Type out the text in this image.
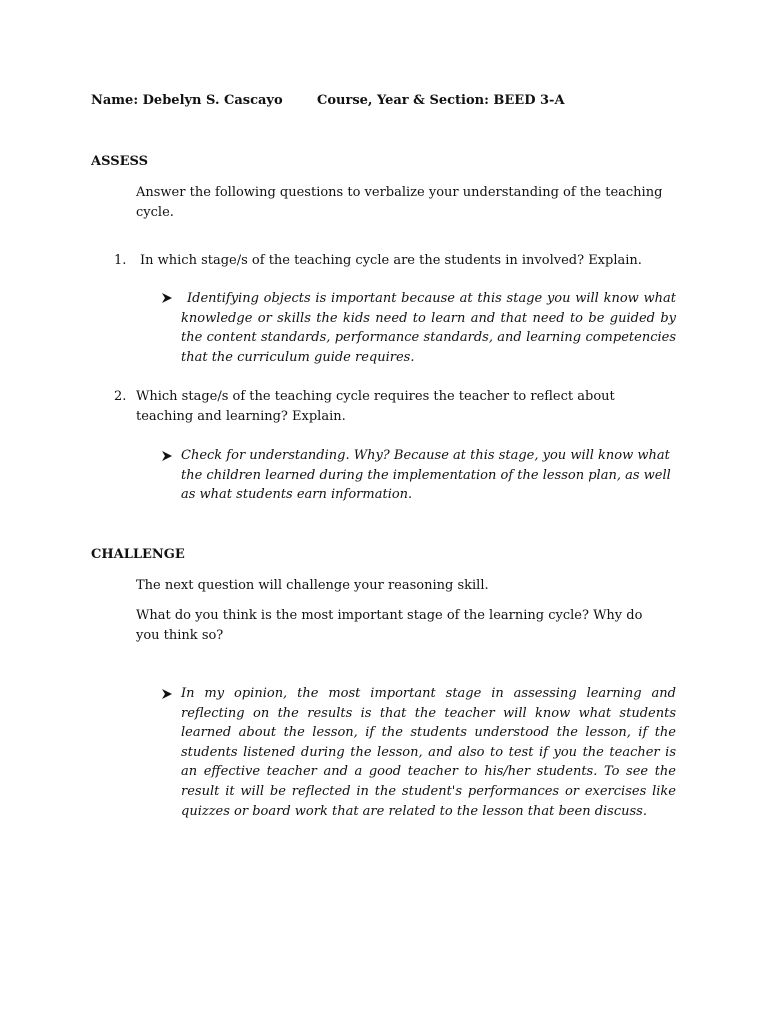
Name: Debelyn S. Cascayo	Course, Year & Section: BEED 3-A
ASSESS
Answer the following questions to verbalize your understanding of the teaching cycle.
1. In which stage/s of the teaching cycle are the students in involved? Explain.
Identifying objects is important because at this stage you will know what knowledge or skills the kids need to learn and that need to be guided by the content standards, performance standards, and learning competencies that the curriculum guide requires.
2. Which stage/s of the teaching cycle requires the teacher to reflect about teaching and learning? Explain.
Check for understanding. Why? Because at this stage, you will know what the children learned during the implementation of the lesson plan, as well as what students earn information.
CHALLENGE
The next question will challenge your reasoning skill.
What do you think is the most important stage of the learning cycle? Why do you think so?
In my opinion, the most important stage in assessing learning and reflecting on the results is that the teacher will know what students learned about the lesson, if the students understood the lesson, if the students listened during the lesson, and also to test if you the teacher is an effective teacher and a good teacher to his/her students. To see the result it will be reflected in the student's performances or exercises like quizzes or board work that are related to the lesson that been discuss.
